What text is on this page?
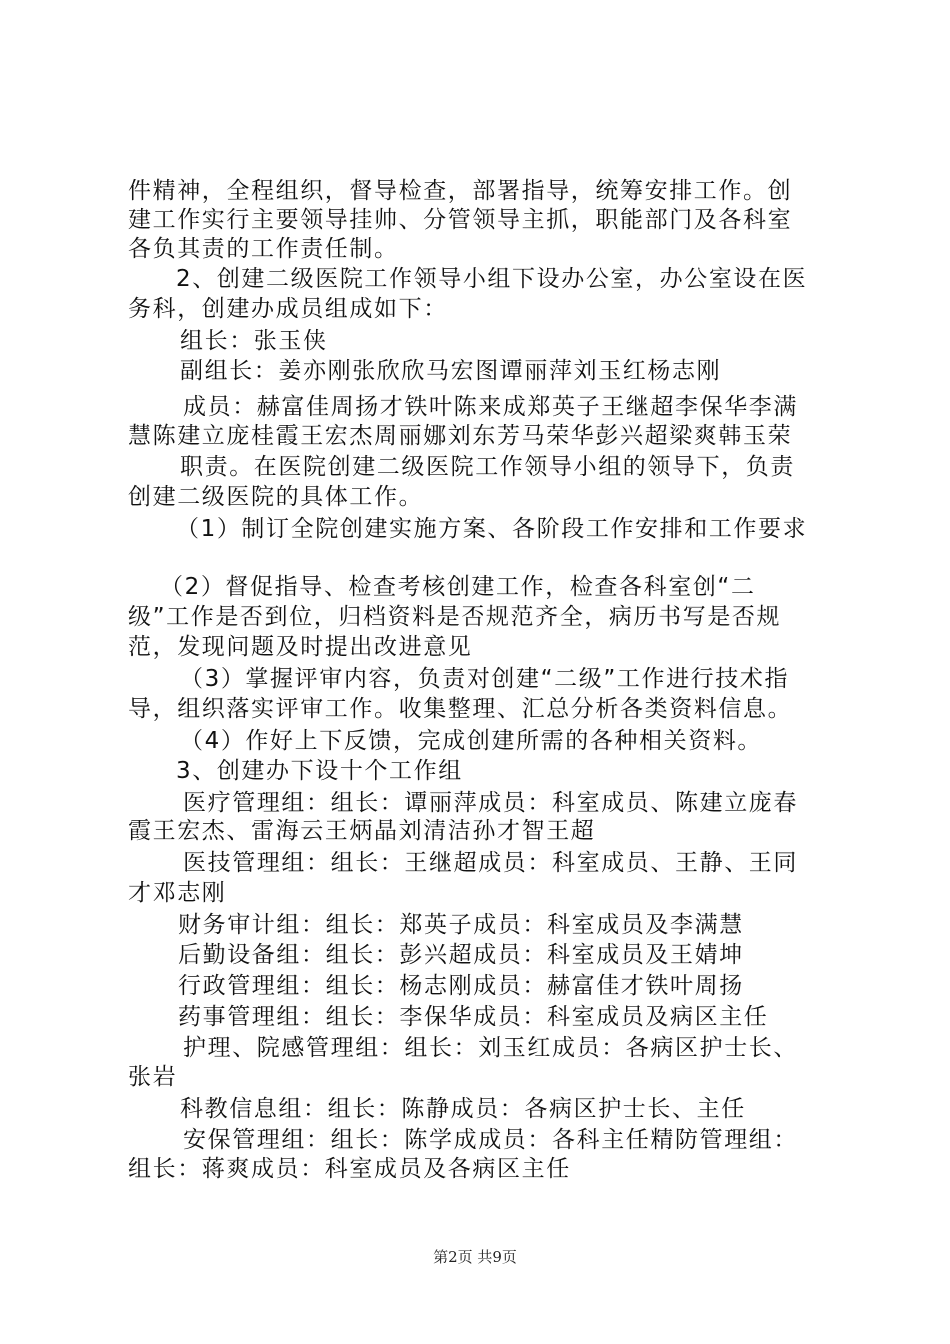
件精神，全程组织，督导检查，部署指导，统筹安排工作。创
建工作实行主要领导挂帅、分管领导主抓，职能部门及各科室
各负其责的工作责任制。
2、创建二级医院工作领导小组下设办公室，办公室设在医
务科，创建办成员组成如下：
组长：张玉侠
副组长：姜亦刚张欣欣马宏图谭丽萍刘玉红杨志刚
成员：赫富佳周扬才铁叶陈来成郑英子王继超李保华李满
慧陈建立庞桂霞王宏杰周丽娜刘东芳马荣华彭兴超梁爽韩玉荣
职责。在医院创建二级医院工作领导小组的领导下，负责
创建二级医院的具体工作。
（1）制订全院创建实施方案、各阶段工作安排和工作要求
（2）督促指导、检查考核创建工作，检查各科室创“二
级”工作是否到位，归档资料是否规范齐全，病历书写是否规
范，发现问题及时提出改进意见
（3）掌握评审内容，负责对创建“二级”工作进行技术指
导，组织落实评审工作。收集整理、汇总分析各类资料信息。
（4）作好上下反馈，完成创建所需的各种相关资料。
3、创建办下设十个工作组
医疗管理组：组长：谭丽萍成员：科室成员、陈建立庞春
霞王宏杰、雷海云王炳晶刘清洁孙才智王超
医技管理组：组长：王继超成员：科室成员、王静、王同
才邓志刚
财务审计组：组长：郑英子成员：科室成员及李满慧
后勤设备组：组长：彭兴超成员：科室成员及王婧坤
行政管理组：组长：杨志刚成员：赫富佳才铁叶周扬
药事管理组：组长：李保华成员：科室成员及病区主任
护理、院感管理组：组长：刘玉红成员：各病区护士长、
张岩
科教信息组：组长：陈静成员：各病区护士长、主任
安保管理组：组长：陈学成成员：各科主任精防管理组：
组长：蒋爽成员：科室成员及各病区主任
第2页 共9页
